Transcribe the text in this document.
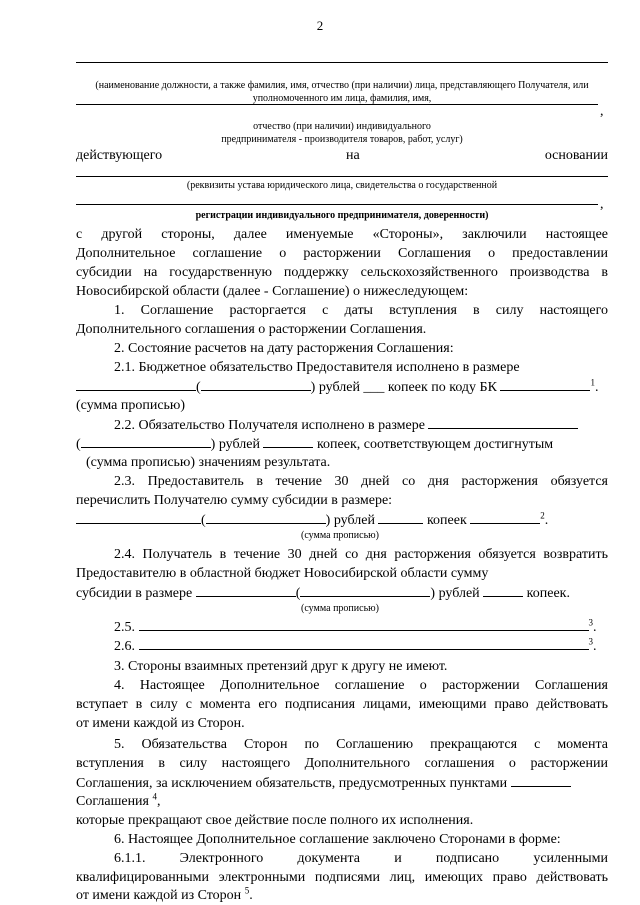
2
(наименование должности, а также фамилия, имя, отчество (при наличии) лица, представляющего Получателя, или
уполномоченного им лица, фамилия, имя,
,
отчество (при наличии) индивидуального
предпринимателя - производителя товаров, работ, услуг)
действующего	на	основании
(реквизиты устава юридического лица, свидетельства о государственной
,
регистрации индивидуального предпринимателя, доверенности)
с другой стороны, далее именуемые «Стороны», заключили настоящее
Дополнительное соглашение о расторжении Соглашения о предоставлении
субсидии на государственную поддержку сельскохозяйственного производства в
Новосибирской области (далее - Соглашение) о нижеследующем:
1. Соглашение расторгается с даты вступления в силу настоящего
Дополнительного соглашения о расторжении Соглашения.
2. Состояние расчетов на дату расторжения Соглашения:
2.1. Бюджетное обязательство Предоставителя исполнено в размере
(	) рублей ___ копеек по коду БК	$^1$.
(сумма прописью)
2.2. Обязательство Получателя исполнено в размере
(	) рублей	копеек, соответствующем достигнутым
(сумма прописью) значениям результата.
2.3. Предоставитель в течение 30 дней со дня расторжения обязуется
перечислить Получателю сумму субсидии в размере:
(	) рублей	копеек	$^2$.
(сумма прописью)
2.4. Получатель в течение 30 дней со дня расторжения обязуется возвратить
Предоставителю в областной бюджет Новосибирской области сумму
субсидии в размере	(	) рублей	копеек.
(сумма прописью)
2.5.	$^3$.
2.6.	$^3$.
3. Стороны взаимных претензий друг к другу не имеют.
4. Настоящее Дополнительное соглашение о расторжении Соглашения
вступает в силу с момента его подписания лицами, имеющими право действовать
от имени каждой из Сторон.
5. Обязательства Сторон по Соглашению прекращаются с момента
вступления в силу настоящего Дополнительного соглашения о расторжении
Соглашения, за исключением обязательств, предусмотренных пунктами
Соглашения $^4$,
которые прекращают свое действие после полного их исполнения.
6. Настоящее Дополнительное соглашение заключено Сторонами в форме:
6.1.1. Электронного документа и подписано усиленными
квалифицированными электронными подписями лиц, имеющих право действовать
от имени каждой из Сторон $^5$.
